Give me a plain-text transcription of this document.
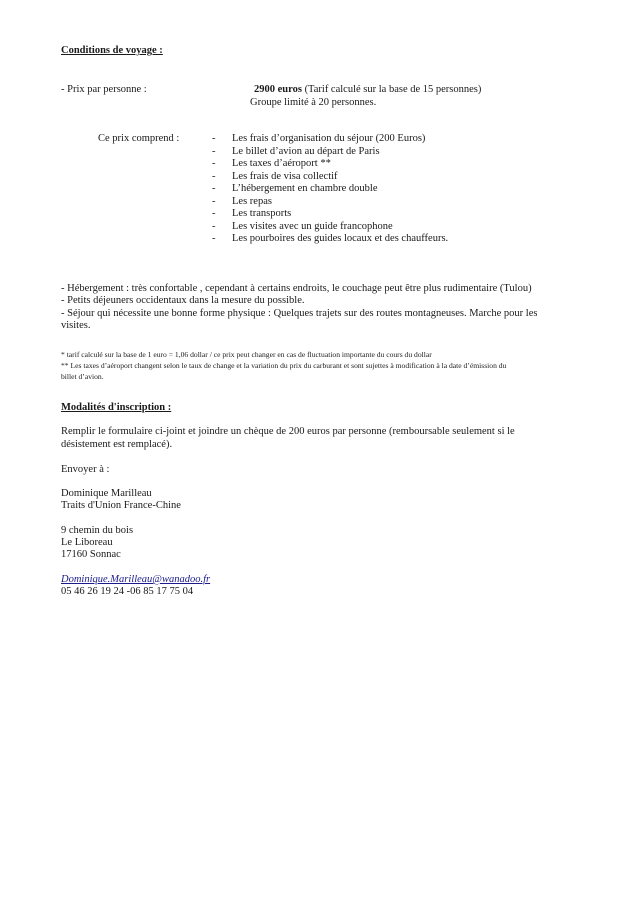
Conditions de voyage :
- Prix par personne :	2900 euros (Tarif calculé sur la base de 15 personnes)
Groupe limité à 20 personnes.
Ce prix comprend :	- Les frais d’organisation du séjour (200 Euros)
- Le billet d’avion au départ de Paris
- Les taxes d’aéroport **
- Les frais de visa collectif
- L’hébergement en chambre double
- Les repas
- Les transports
- Les visites avec un guide francophone
- Les pourboires des guides locaux et des chauffeurs.
- Hébergement : très confortable , cependant à certains endroits, le couchage peut être plus rudimentaire (Tulou)
- Petits déjeuners occidentaux dans la mesure du possible.
- Séjour qui nécessite une bonne forme physique : Quelques trajets sur des routes montagneuses. Marche pour les
visites.
* tarif calculé sur la base de 1 euro = 1,06 dollar / ce prix peut changer en cas de fluctuation importante du cours du dollar
** Les taxes d’aéroport changent selon le taux de change et la variation du prix du carburant et sont sujettes à modification à la date d’émission du
billet d’avion.
Modalités d'inscription :
Remplir le formulaire ci-joint et joindre un chèque de 200 euros par personne (remboursable seulement si le
désistement est remplacé).
Envoyer à :
Dominique Marilleau
Traits d'Union France-Chine
9 chemin du bois
Le Liboreau
17160 Sonnac
Dominique.Marilleau@wanadoo.fr
05 46 26 19 24 -06 85 17 75 04
